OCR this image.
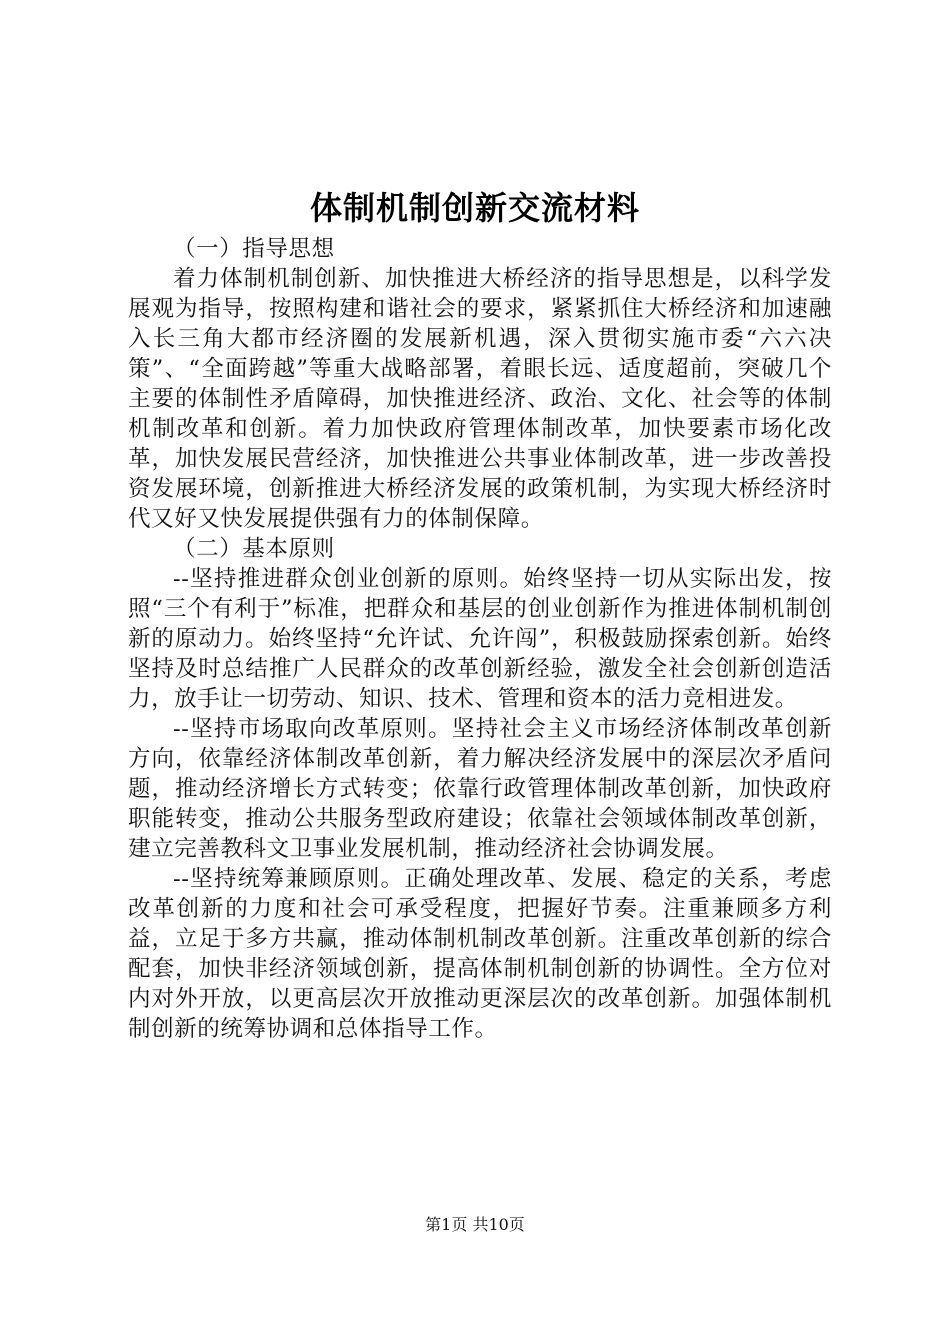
体制机制创新交流材料

（一）指导思想

着力体制机制创新、加快推进大桥经济的指导思想是，以科学发展观为指导，按照构建和谐社会的要求，紧紧抓住大桥经济和加速融入长三角大都市经济圈的发展新机遇，深入贯彻实施市委“六六决策”、“全面跨越”等重大战略部署，着眼长远、适度超前，突破几个主要的体制性矛盾障碍，加快推进经济、政治、文化、社会等的体制机制改革和创新。着力加快政府管理体制改革，加快要素市场化改革，加快发展民营经济，加快推进公共事业体制改革，进一步改善投资发展环境，创新推进大桥经济发展的政策机制，为实现大桥经济时代又好又快发展提供强有力的体制保障。

（二）基本原则

--坚持推进群众创业创新的原则。始终坚持一切从实际出发，按照“三个有利于”标准，把群众和基层的创业创新作为推进体制机制创新的原动力。始终坚持“允许试、允许闯”，积极鼓励探索创新。始终坚持及时总结推广人民群众的改革创新经验，激发全社会创新创造活力，放手让一切劳动、知识、技术、管理和资本的活力竞相进发。

--坚持市场取向改革原则。坚持社会主义市场经济体制改革创新方向，依靠经济体制改革创新，着力解决经济发展中的深层次矛盾问题，推动经济增长方式转变；依靠行政管理体制改革创新，加快政府职能转变，推动公共服务型政府建设；依靠社会领域体制改革创新，建立完善教科文卫事业发展机制，推动经济社会协调发展。

--坚持统筹兼顾原则。正确处理改革、发展、稳定的关系，考虑改革创新的力度和社会可承受程度，把握好节奏。注重兼顾多方利益，立足于多方共赢，推动体制机制改革创新。注重改革创新的综合配套，加快非经济领域创新，提高体制机制创新的协调性。全方位对内对外开放，以更高层次开放推动更深层次的改革创新。加强体制机制创新的统筹协调和总体指导工作。

第1页 共10页
